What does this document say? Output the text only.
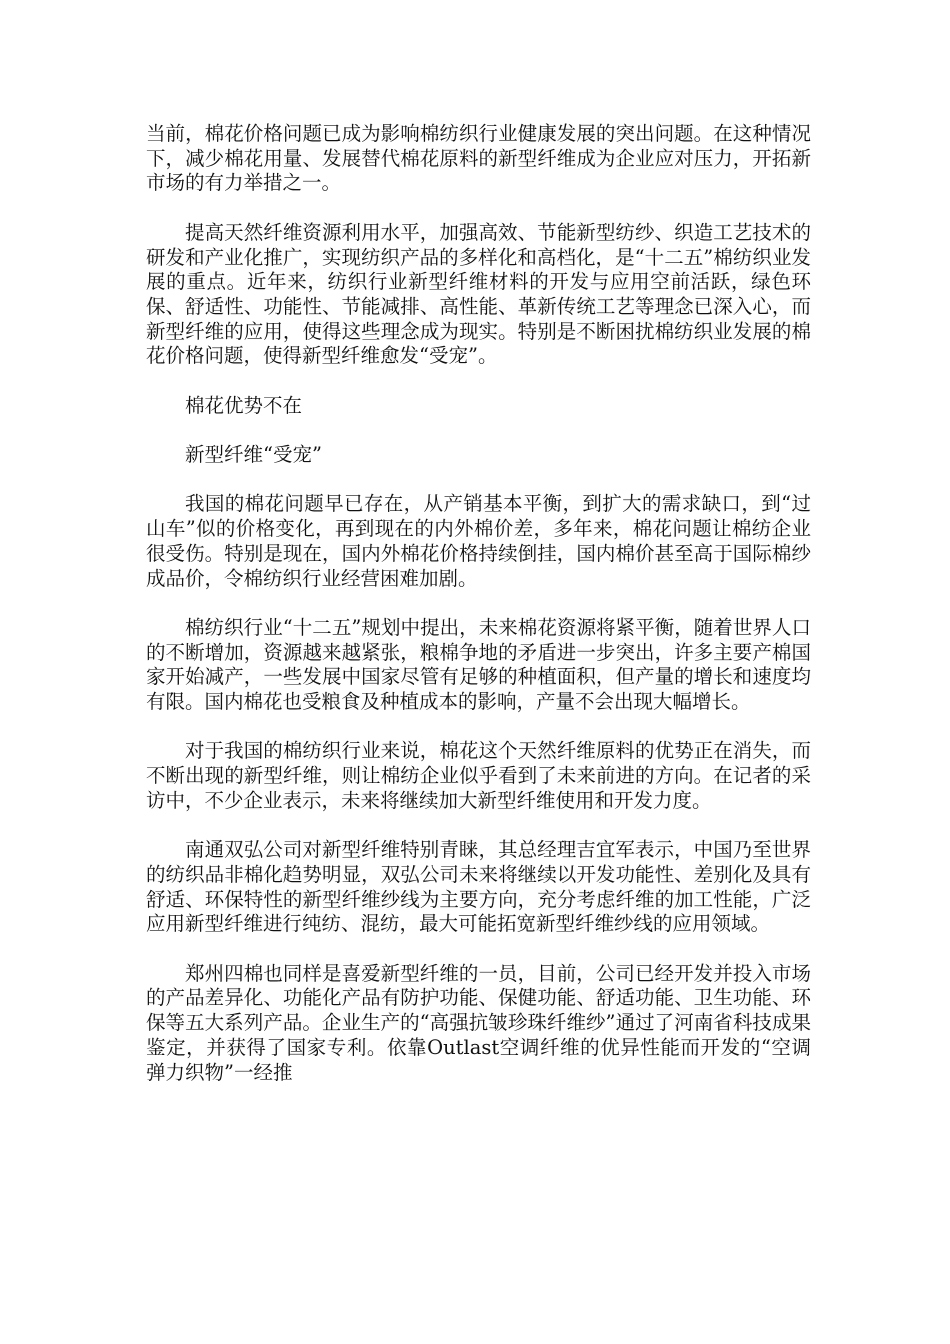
当前，棉花价格问题已成为影响棉纺织行业健康发展的突出问题。在这种情况下，减少棉花用量、发展替代棉花原料的新型纤维成为企业应对压力，开拓新市场的有力举措之一。

提高天然纤维资源利用水平，加强高效、节能新型纺纱、织造工艺技术的研发和产业化推广，实现纺织产品的多样化和高档化，是“十二五”棉纺织业发展的重点。近年来，纺织行业新型纤维材料的开发与应用空前活跃，绿色环保、舒适性、功能性、节能减排、高性能、革新传统工艺等理念已深入心，而新型纤维的应用，使得这些理念成为现实。特别是不断困扰棉纺织业发展的棉花价格问题，使得新型纤维愈发“受宠”。

棉花优势不在

新型纤维“受宠”

我国的棉花问题早已存在，从产销基本平衡，到扩大的需求缺口，到“过山车”似的价格变化，再到现在的内外棉价差，多年来，棉花问题让棉纺企业很受伤。特别是现在，国内外棉花价格持续倒挂，国内棉价甚至高于国际棉纱成品价，令棉纺织行业经营困难加剧。

棉纺织行业“十二五”规划中提出，未来棉花资源将紧平衡，随着世界人口的不断增加，资源越来越紧张，粮棉争地的矛盾进一步突出，许多主要产棉国家开始减产，一些发展中国家尽管有足够的种植面积，但产量的增长和速度均有限。国内棉花也受粮食及种植成本的影响，产量不会出现大幅增长。

对于我国的棉纺织行业来说，棉花这个天然纤维原料的优势正在消失，而不断出现的新型纤维，则让棉纺企业似乎看到了未来前进的方向。在记者的采访中，不少企业表示，未来将继续加大新型纤维使用和开发力度。

南通双弘公司对新型纤维特别青睐，其总经理吉宜军表示，中国乃至世界的纺织品非棉化趋势明显，双弘公司未来将继续以开发功能性、差别化及具有舒适、环保特性的新型纤维纱线为主要方向，充分考虑纤维的加工性能，广泛应用新型纤维进行纯纺、混纺，最大可能拓宽新型纤维纱线的应用领域。

郑州四棉也同样是喜爱新型纤维的一员，目前，公司已经开发并投入市场的产品差异化、功能化产品有防护功能、保健功能、舒适功能、卫生功能、环保等五大系列产品。企业生产的“高强抗皱珍珠纤维纱”通过了河南省科技成果鉴定，并获得了国家专利。依靠Outlast空调纤维的优异性能而开发的“空调弹力织物”一经推
